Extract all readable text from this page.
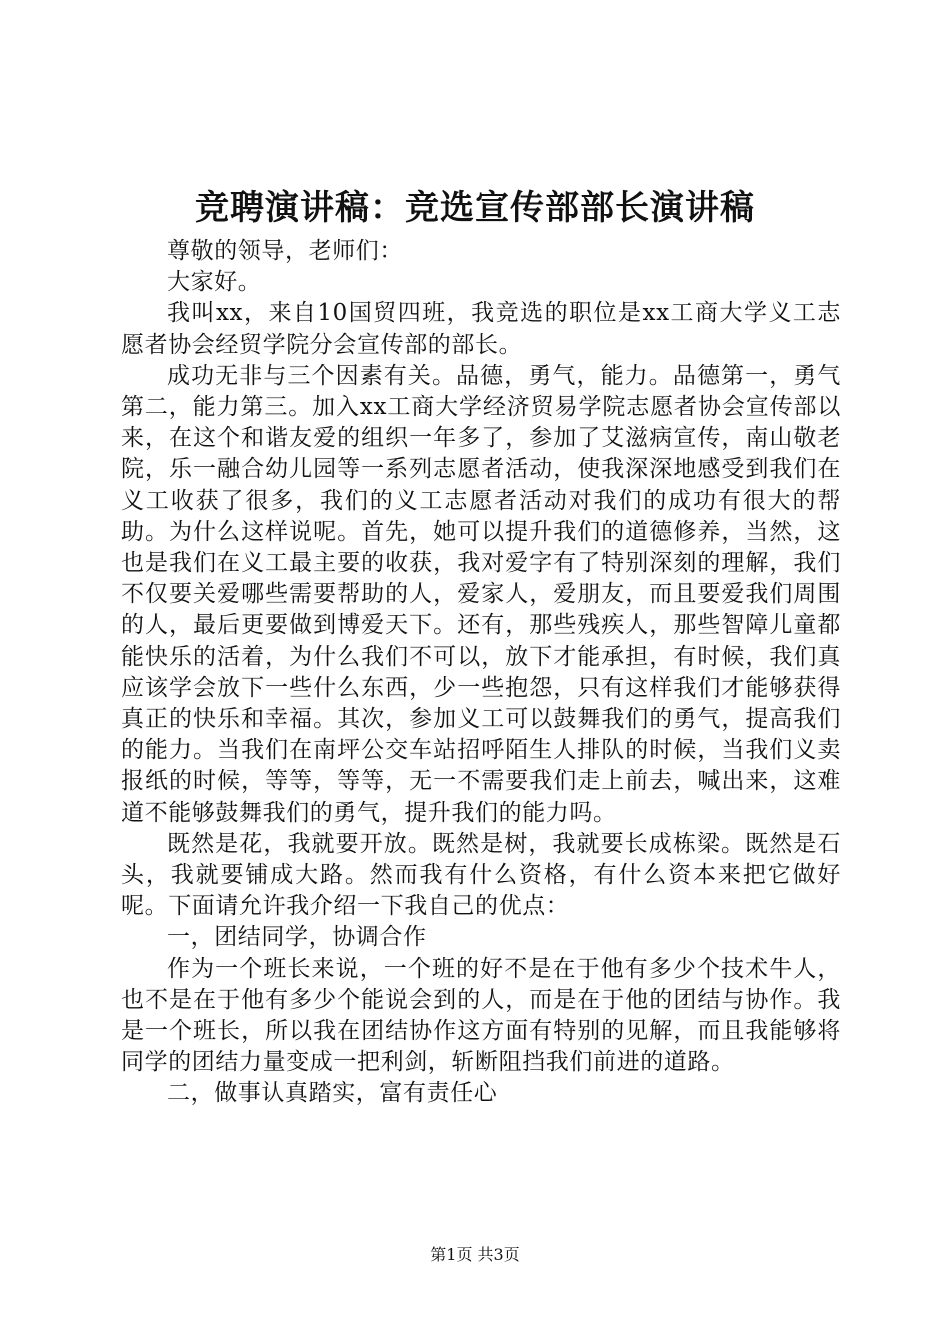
竞聘演讲稿：竞选宣传部部长演讲稿

尊敬的领导，老师们：

大家好。

我叫xx，来自10国贸四班，我竞选的职位是xx工商大学义工志愿者协会经贸学院分会宣传部的部长。

成功无非与三个因素有关。品德，勇气，能力。品德第一，勇气第二，能力第三。加入xx工商大学经济贸易学院志愿者协会宣传部以来，在这个和谐友爱的组织一年多了，参加了艾滋病宣传，南山敬老院，乐一融合幼儿园等一系列志愿者活动，使我深深地感受到我们在义工收获了很多，我们的义工志愿者活动对我们的成功有很大的帮助。为什么这样说呢。首先，她可以提升我们的道德修养，当然，这也是我们在义工最主要的收获，我对爱字有了特别深刻的理解，我们不仅要关爱哪些需要帮助的人，爱家人，爱朋友，而且要爱我们周围的人，最后更要做到博爱天下。还有，那些残疾人，那些智障儿童都能快乐的活着，为什么我们不可以，放下才能承担，有时候，我们真应该学会放下一些什么东西，少一些抱怨，只有这样我们才能够获得真正的快乐和幸福。其次，参加义工可以鼓舞我们的勇气，提高我们的能力。当我们在南坪公交车站招呼陌生人排队的时候，当我们义卖报纸的时候，等等，等等，无一不需要我们走上前去，喊出来，这难道不能够鼓舞我们的勇气，提升我们的能力吗。

既然是花，我就要开放。既然是树，我就要长成栋梁。既然是石头，我就要铺成大路。然而我有什么资格，有什么资本来把它做好呢。下面请允许我介绍一下我自己的优点：

一，团结同学，协调合作

作为一个班长来说，一个班的好不是在于他有多少个技术牛人，也不是在于他有多少个能说会到的人，而是在于他的团结与协作。我是一个班长，所以我在团结协作这方面有特别的见解，而且我能够将同学的团结力量变成一把利剑，斩断阻挡我们前进的道路。

二，做事认真踏实，富有责任心

第1页 共3页
